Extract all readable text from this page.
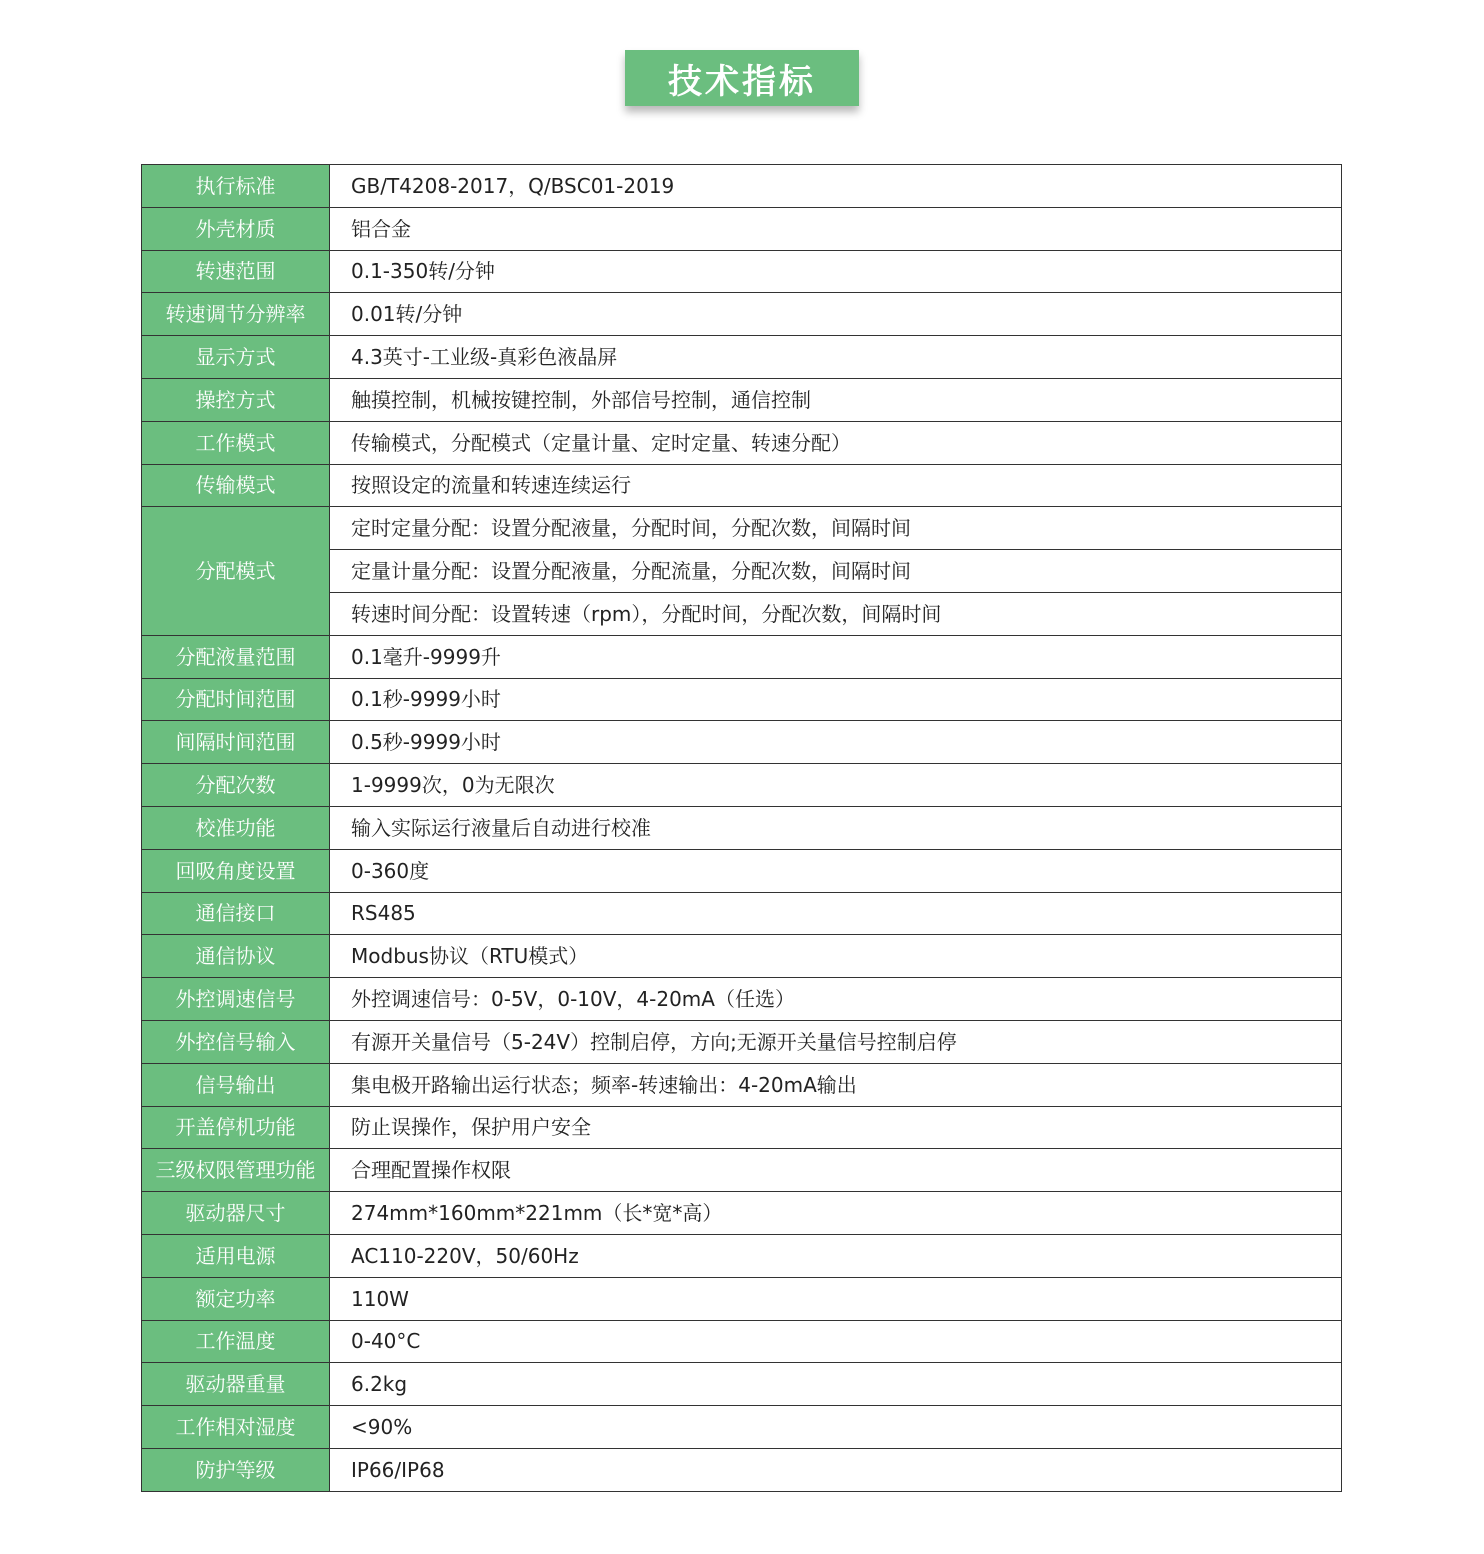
技术指标
执行标准	GB/T4208-2017，Q/BSC01-2019
外壳材质	铝合金
转速范围	0.1-350转/分钟
转速调节分辨率	0.01转/分钟
显示方式	4.3英寸-工业级-真彩色液晶屏
操控方式	触摸控制，机械按键控制，外部信号控制，通信控制
工作模式	传输模式，分配模式（定量计量、定时定量、转速分配）
传输模式	按照设定的流量和转速连续运行
分配模式	定时定量分配：设置分配液量，分配时间，分配次数，间隔时间
	定量计量分配：设置分配液量，分配流量，分配次数，间隔时间
	转速时间分配：设置转速（rpm），分配时间，分配次数，间隔时间
分配液量范围	0.1毫升-9999升
分配时间范围	0.1秒-9999小时
间隔时间范围	0.5秒-9999小时
分配次数	1-9999次，0为无限次
校准功能	输入实际运行液量后自动进行校准
回吸角度设置	0-360度
通信接口	RS485
通信协议	Modbus协议（RTU模式）
外控调速信号	外控调速信号：0-5V，0-10V，4-20mA（任选）
外控信号输入	有源开关量信号（5-24V）控制启停，方向;无源开关量信号控制启停
信号输出	集电极开路输出运行状态；频率-转速输出：4-20mA输出
开盖停机功能	防止误操作，保护用户安全
三级权限管理功能	合理配置操作权限
驱动器尺寸	274mm*160mm*221mm（长*宽*高）
适用电源	AC110-220V，50/60Hz
额定功率	110W
工作温度	0-40°C
驱动器重量	6.2kg
工作相对湿度	<90%
防护等级	IP66/IP68
